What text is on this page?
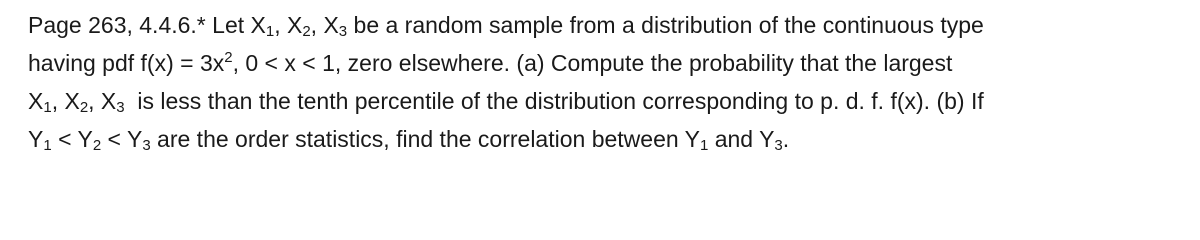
Page 263, 4.4.6.* Let $X_1$, $X_2$, $X_3$ be a random sample from a distribution of the continuous type
having pdf $f(x) = 3x^2$, 0 < x < 1, zero elsewhere. (a) Compute the probability that the largest
$X_1$, $X_2$, $X_3$  is less than the tenth percentile of the distribution corresponding to p. d. f. f(x). (b) If
$Y_1 < Y_2 < Y_3$ are the order statistics, find the correlation between $Y_1$ and $Y_3$.
